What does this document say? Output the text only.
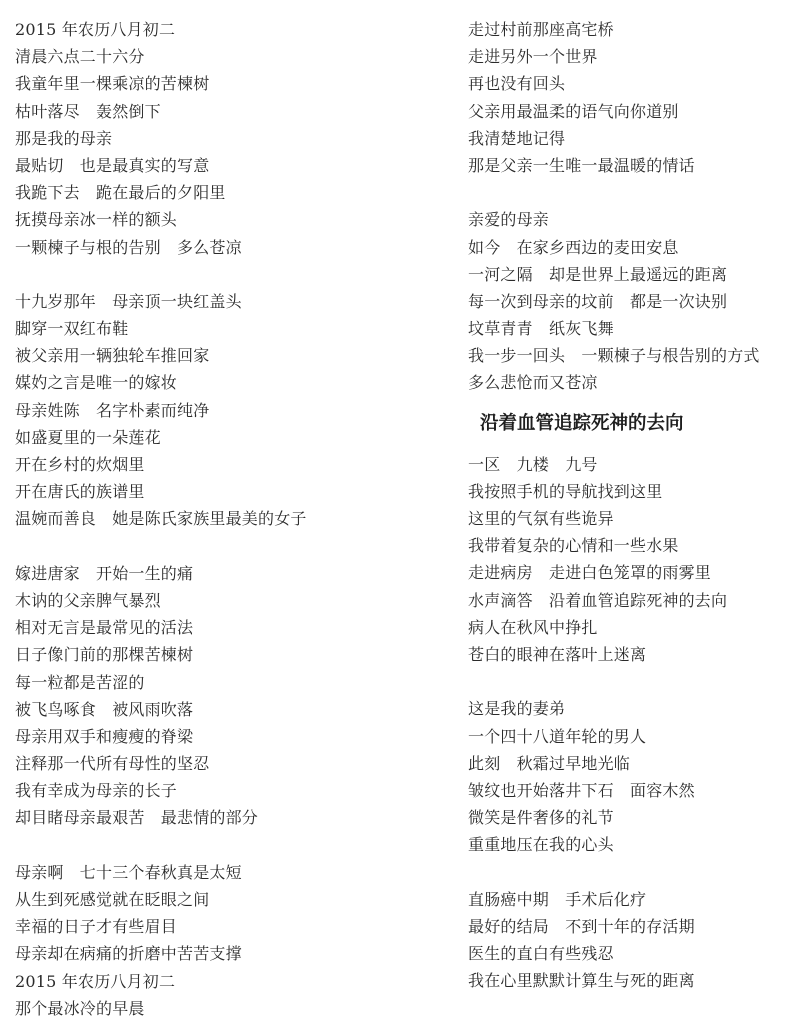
2015 年农历八月初二
清晨六点二十六分
我童年里一棵乘凉的苦楝树
枯叶落尽　轰然倒下
那是我的母亲
最贴切　也是最真实的写意
我跪下去　跪在最后的夕阳里
抚摸母亲冰一样的额头
一颗楝子与根的告别　多么苍凉
十九岁那年　母亲顶一块红盖头
脚穿一双红布鞋
被父亲用一辆独轮车推回家
媒妁之言是唯一的嫁妆
母亲姓陈　名字朴素而纯净
如盛夏里的一朵莲花
开在乡村的炊烟里
开在唐氏的族谱里
温婉而善良　她是陈氏家族里最美的女子
嫁进唐家　开始一生的痛
木讷的父亲脾气暴烈
相对无言是最常见的活法
日子像门前的那棵苦楝树
每一粒都是苦涩的
被飞鸟啄食　被风雨吹落
母亲用双手和瘦瘦的脊梁
注释那一代所有母性的坚忍
我有幸成为母亲的长子
却目睹母亲最艰苦　最悲情的部分
母亲啊　七十三个春秋真是太短
从生到死感觉就在眨眼之间
幸福的日子才有些眉目
母亲却在病痛的折磨中苦苦支撑
2015 年农历八月初二
那个最冰冷的早晨
走过村前那座高宅桥
走进另外一个世界
再也没有回头
父亲用最温柔的语气向你道别
我清楚地记得
那是父亲一生唯一最温暖的情话
亲爱的母亲
如今　在家乡西边的麦田安息
一河之隔　却是世界上最遥远的距离
每一次到母亲的坟前　都是一次诀别
坟草青青　纸灰飞舞
我一步一回头　一颗楝子与根告别的方式
多么悲怆而又苍凉
沿着血管追踪死神的去向
一区　九楼　九号
我按照手机的导航找到这里
这里的气氛有些诡异
我带着复杂的心情和一些水果
走进病房　走进白色笼罩的雨雾里
水声滴答　沿着血管追踪死神的去向
病人在秋风中挣扎
苍白的眼神在落叶上迷离
这是我的妻弟
一个四十八道年轮的男人
此刻　秋霜过早地光临
皱纹也开始落井下石　面容木然
微笑是件奢侈的礼节
重重地压在我的心头
直肠癌中期　手术后化疗
最好的结局　不到十年的存活期
医生的直白有些残忍
我在心里默默计算生与死的距离
